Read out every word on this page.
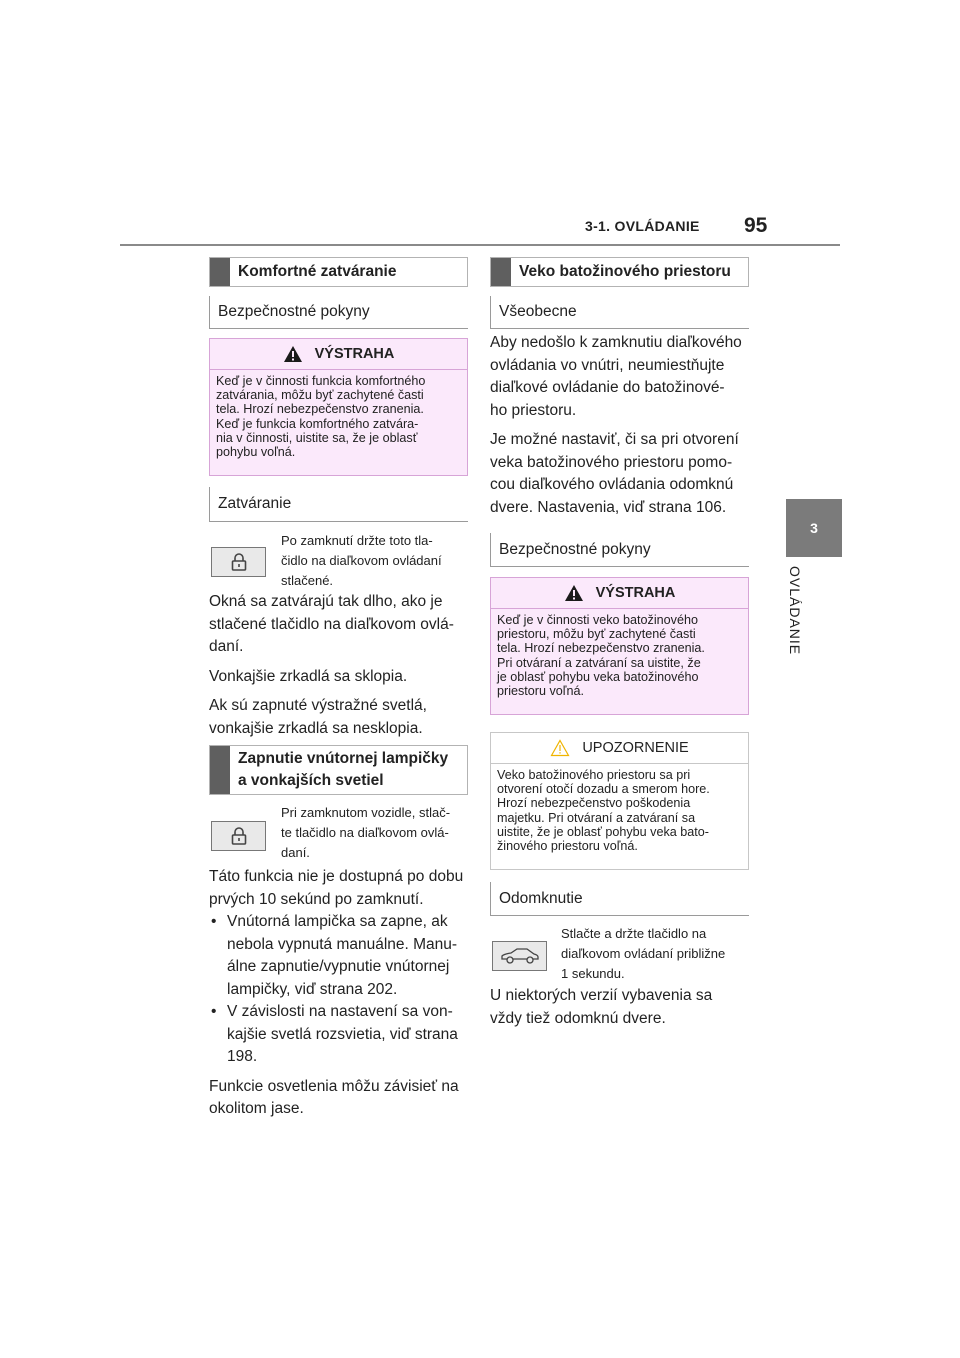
3-1. OVLÁDANIE 95
3
OVLÁDANIE
Komfortné zatváranie
Bezpečnostné pokyny
VÝSTRAHA
Keď je v činnosti funkcia komfortného
zatvárania, môžu byť zachytené časti
tela. Hrozí nebezpečenstvo zranenia.
Keď je funkcia komfortného zatvára-
nia v činnosti, uistite sa, že je oblasť
pohybu voľná.
Zatváranie
Po zamknutí držte toto tla-
čidlo na diaľkovom ovládaní
stlačené.
Okná sa zatvárajú tak dlho, ako je
stlačené tlačidlo na diaľkovom ovlá-
daní.
Vonkajšie zrkadlá sa sklopia.
Ak sú zapnuté výstražné svetlá,
vonkajšie zrkadlá sa nesklopia.
Zapnutie vnútornej lampičky
a vonkajších svetiel
Pri zamknutom vozidle, stlač-
te tlačidlo na diaľkovom ovlá-
daní.
Táto funkcia nie je dostupná po dobu
prvých 10 sekúnd po zamknutí.
• Vnútorná lampička sa zapne, ak
nebola vypnutá manuálne. Manu-
álne zapnutie/vypnutie vnútornej
lampičky, viď strana 202.
• V závislosti na nastavení sa von-
kajšie svetlá rozsvietia, viď strana
198.
Funkcie osvetlenia môžu závisieť na
okolitom jase.
Veko batožinového priestoru
Všeobecne
Aby nedošlo k zamknutiu diaľkového
ovládania vo vnútri, neumiestňujte
diaľkové ovládanie do batožinové-
ho priestoru.
Je možné nastaviť, či sa pri otvorení
veka batožinového priestoru pomo-
cou diaľkového ovládania odomknú
dvere. Nastavenia, viď strana 106.
Bezpečnostné pokyny
VÝSTRAHA
Keď je v činnosti veko batožinového
priestoru, môžu byť zachytené časti
tela. Hrozí nebezpečenstvo zranenia.
Pri otváraní a zatváraní sa uistite, že
je oblasť pohybu veka batožinového
priestoru voľná.
UPOZORNENIE
Veko batožinového priestoru sa pri
otvorení otočí dozadu a smerom hore.
Hrozí nebezpečenstvo poškodenia
majetku. Pri otváraní a zatváraní sa
uistite, že je oblasť pohybu veka bato-
žinového priestoru voľná.
Odomknutie
Stlačte a držte tlačidlo na
diaľkovom ovládaní približne
1 sekundu.
U niektorých verzií vybavenia sa
vždy tiež odomknú dvere.
